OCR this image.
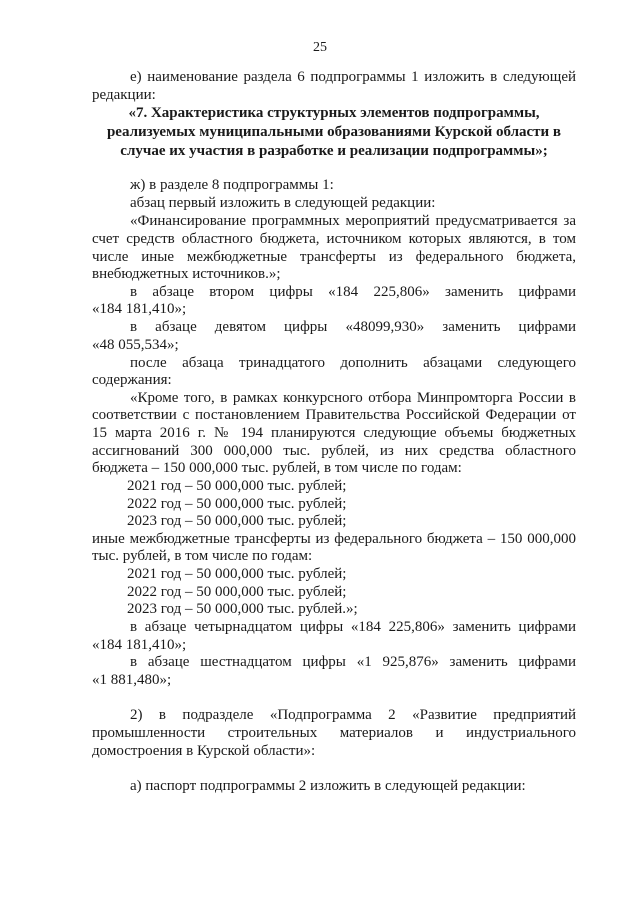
25
е) наименование раздела 6 подпрограммы 1 изложить в следующей
редакции:
«7. Характеристика структурных элементов подпрограммы,
реализуемых муниципальными образованиями Курской области в
случае их участия в разработке и реализации подпрограммы»;
ж) в разделе 8 подпрограммы 1:
абзац первый изложить в следующей редакции:
«Финансирование программных мероприятий предусматривается за
счет средств областного бюджета, источником которых являются, в том
числе иные межбюджетные трансферты из федерального бюджета,
внебюджетных источников.»;
в абзаце втором цифры «184 225,806» заменить цифрами
«184 181,410»;
в абзаце девятом цифры «48099,930» заменить цифрами
«48 055,534»;
после абзаца тринадцатого дополнить абзацами следующего
содержания:
«Кроме того, в рамках конкурсного отбора Минпромторга России в
соответствии с постановлением Правительства Российской Федерации от
15 марта 2016 г. № 194 планируются следующие объемы бюджетных
ассигнований 300 000,000 тыс. рублей, из них средства областного
бюджета – 150 000,000 тыс. рублей, в том числе по годам:
2021 год – 50 000,000 тыс. рублей;
2022 год – 50 000,000 тыс. рублей;
2023 год – 50 000,000 тыс. рублей;
иные межбюджетные трансферты из федерального бюджета – 150 000,000
тыс. рублей, в том числе по годам:
2021 год – 50 000,000 тыс. рублей;
2022 год – 50 000,000 тыс. рублей;
2023 год – 50 000,000 тыс. рублей.»;
в абзаце четырнадцатом цифры «184 225,806» заменить цифрами
«184 181,410»;
в абзаце шестнадцатом цифры «1 925,876» заменить цифрами
«1 881,480»;
2) в подразделе «Подпрограмма 2 «Развитие предприятий
промышленности строительных материалов и индустриального
домостроения в Курской области»:
а) паспорт подпрограммы 2 изложить в следующей редакции:
